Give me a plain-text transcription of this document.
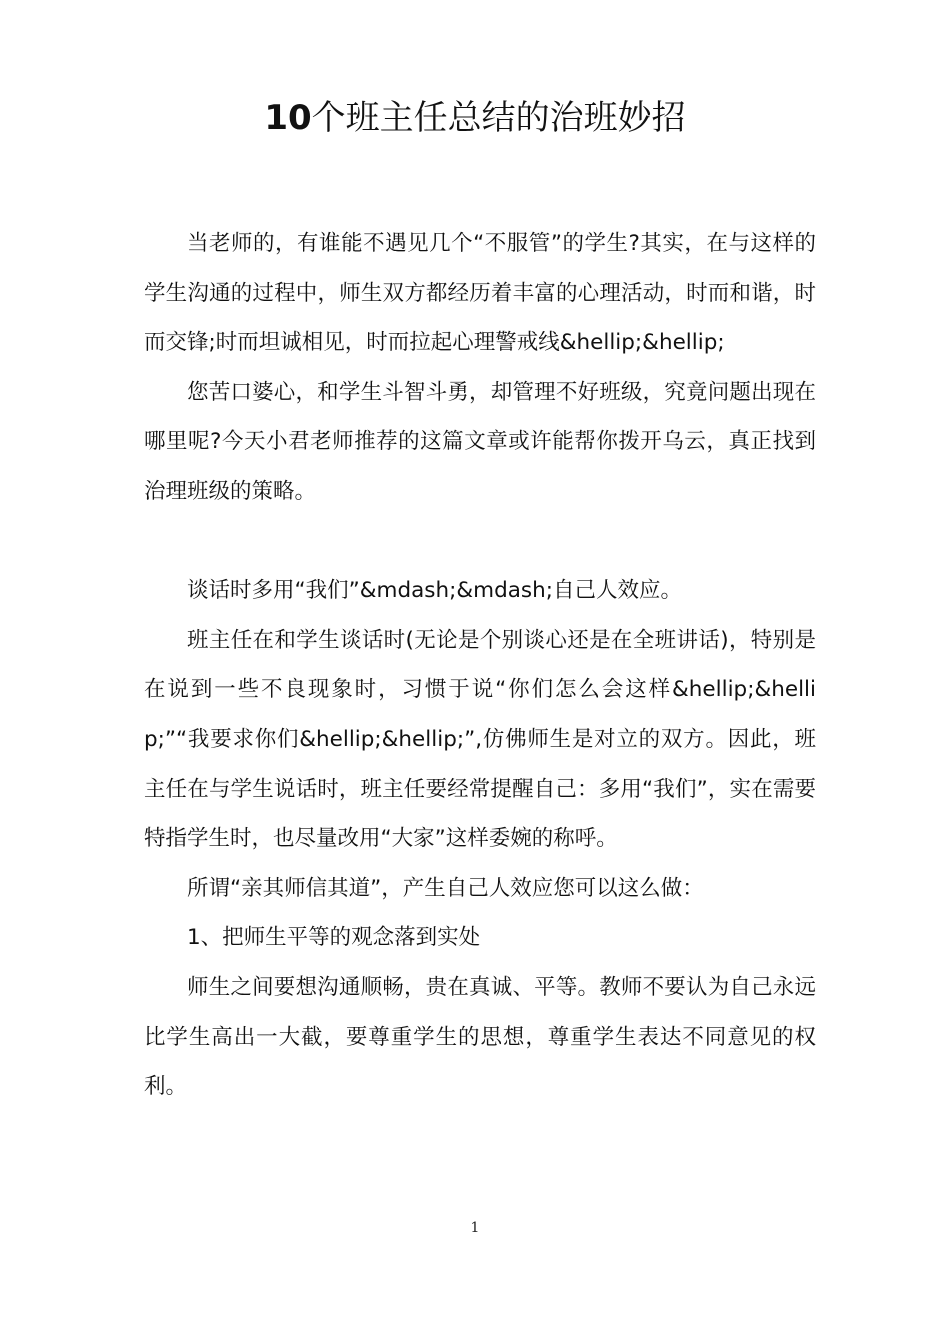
10个班主任总结的治班妙招

当老师的，有谁能不遇见几个“不服管”的学生?其实，在与这样的学生沟通的过程中，师生双方都经历着丰富的心理活动，时而和谐，时而交锋;时而坦诚相见，时而拉起心理警戒线&hellip;&hellip;

您苦口婆心，和学生斗智斗勇，却管理不好班级，究竟问题出现在哪里呢?今天小君老师推荐的这篇文章或许能帮你拨开乌云，真正找到治理班级的策略。

谈话时多用“我们”&mdash;&mdash;自己人效应。

班主任在和学生谈话时(无论是个别谈心还是在全班讲话)，特别是在说到一些不良现象时，习惯于说“你们怎么会这样&hellip;&hellip;”“我要求你们&hellip;&hellip;”,仿佛师生是对立的双方。因此，班主任在与学生说话时，班主任要经常提醒自己：多用“我们”，实在需要特指学生时，也尽量改用“大家”这样委婉的称呼。

所谓“亲其师信其道”，产生自己人效应您可以这么做：

1、把师生平等的观念落到实处

师生之间要想沟通顺畅，贵在真诚、平等。教师不要认为自己永远比学生高出一大截，要尊重学生的思想，尊重学生表达不同意见的权利。

1
